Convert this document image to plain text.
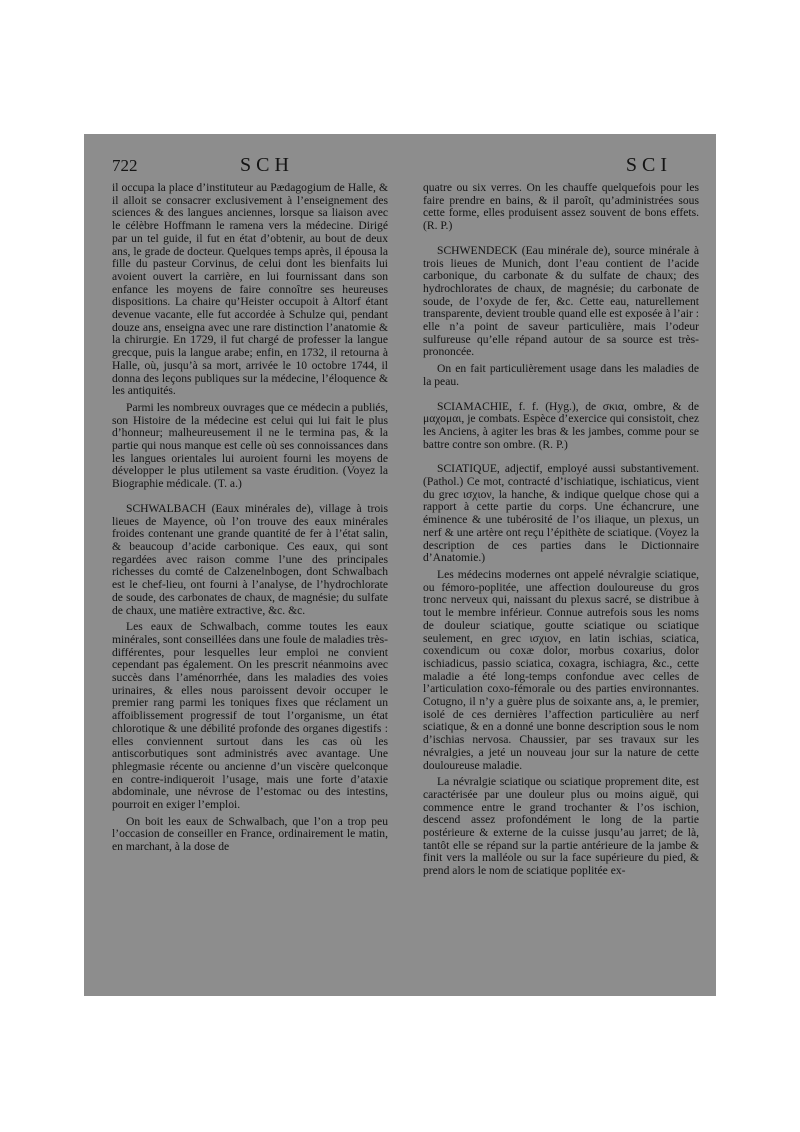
722	SCH	SCI

il occupa la place d’instituteur au Pædagogium de Halle, & il alloit se consacrer exclusivement à l’enseignement des sciences & des langues anciennes, lorsque sa liaison avec le célèbre Hoffmann le ramena vers la médecine. Dirigé par un tel guide, il fut en état d’obtenir, au bout de deux ans, le grade de docteur. Quelques temps après, il épousa la fille du pasteur Corvinus, de celui dont les bienfaits lui avoient ouvert la carrière, en lui fournissant dans son enfance les moyens de faire connoître ses heureuses dispositions. La chaire qu’Heister occupoit à Altorf étant devenue vacante, elle fut accordée à Schulze qui, pendant douze ans, enseigna avec une rare distinction l’anatomie & la chirurgie. En 1729, il fut chargé de professer la langue grecque, puis la langue arabe; enfin, en 1732, il retourna à Halle, où, jusqu’à sa mort, arrivée le 10 octobre 1744, il donna des leçons publiques sur la médecine, l’éloquence & les antiquités.

Parmi les nombreux ouvrages que ce médecin a publiés, son Histoire de la médecine est celui qui lui fait le plus d’honneur; malheureusement il ne le termina pas, & la partie qui nous manque est celle où ses connoissances dans les langues orientales lui auroient fourni les moyens de développer le plus utilement sa vaste érudition. (Voyez la Biographie médicale. (T. a.)

SCHWALBACH (Eaux minérales de), village à trois lieues de Mayence, où l’on trouve des eaux minérales froides contenant une grande quantité de fer à l’état salin, & beaucoup d’acide carbonique. Ces eaux, qui sont regardées avec raison comme l’une des principales richesses du comté de Calzenelnbogen, dont Schwalbach est le chef-lieu, ont fourni à l’analyse, de l’hydrochlorate de soude, des carbonates de chaux, de magnésie; du sulfate de chaux, une matière extractive, &c. &c.

Les eaux de Schwalbach, comme toutes les eaux minérales, sont conseillées dans une foule de maladies très-différentes, pour lesquelles leur emploi ne convient cependant pas également. On les prescrit néanmoins avec succès dans l’aménorrhée, dans les maladies des voies urinaires, & elles nous paroissent devoir occuper le premier rang parmi les toniques fixes que réclament un affoiblissement progressif de tout l’organisme, un état chlorotique & une débilité profonde des organes digestifs : elles conviennent surtout dans les cas où les antiscorbutiques sont administrés avec avantage. Une phlegmasie récente ou ancienne d’un viscère quelconque en contre-indiqueroit l’usage, mais une forte d’ataxie abdominale, une névrose de l’estomac ou des intestins, pourroit en exiger l’emploi.

On boit les eaux de Schwalbach, que l’on a trop peu l’occasion de conseiller en France, ordinairement le matin, en marchant, à la dose de

quatre ou six verres. On les chauffe quelquefois pour les faire prendre en bains, & il paroît, qu’administrées sous cette forme, elles produisent assez souvent de bons effets. (R. P.)

SCHWENDECK (Eau minérale de), source minérale à trois lieues de Munich, dont l’eau contient de l’acide carbonique, du carbonate & du sulfate de chaux; des hydrochlorates de chaux, de magnésie; du carbonate de soude, de l’oxyde de fer, &c. Cette eau, naturellement transparente, devient trouble quand elle est exposée à l’air : elle n’a point de saveur particulière, mais l’odeur sulfureuse qu’elle répand autour de sa source est très-prononcée.

On en fait particulièrement usage dans les maladies de la peau.

SCIAMACHIE, f. f. (Hyg.), de σκια, ombre, & de μαχομαι, je combats. Espèce d’exercice qui consistoit, chez les Anciens, à agiter les bras & les jambes, comme pour se battre contre son ombre. (R. P.)

SCIATIQUE, adjectif, employé aussi substantivement. (Pathol.) Ce mot, contracté d’ischiatique, ischiaticus, vient du grec ισχιον, la hanche, & indique quelque chose qui a rapport à cette partie du corps. Une échancrure, une éminence & une tubérosité de l’os iliaque, un plexus, un nerf & une artère ont reçu l’épithète de sciatique. (Voyez la description de ces parties dans le Dictionnaire d’Anatomie.)

Les médecins modernes ont appelé névralgie sciatique, ou fémoro-poplitée, une affection douloureuse du gros tronc nerveux qui, naissant du plexus sacré, se distribue à tout le membre inférieur. Connue autrefois sous les noms de douleur sciatique, goutte sciatique ou sciatique seulement, en grec ισχιον, en latin ischias, sciatica, coxendicum ou coxæ dolor, morbus coxarius, dolor ischiadicus, passio sciatica, coxagra, ischiagra, &c., cette maladie a été long-temps confondue avec celles de l’articulation coxo-fémorale ou des parties environnantes. Cotugno, il n’y a guère plus de soixante ans, a, le premier, isolé de ces dernières l’affection particulière au nerf sciatique, & en a donné une bonne description sous le nom d’ischias nervosa. Chaussier, par ses travaux sur les névralgies, a jeté un nouveau jour sur la nature de cette douloureuse maladie.

La névralgie sciatique ou sciatique proprement dite, est caractérisée par une douleur plus ou moins aiguë, qui commence entre le grand trochanter & l’os ischion, descend assez profondément le long de la partie postérieure & externe de la cuisse jusqu’au jarret; de là, tantôt elle se répand sur la partie antérieure de la jambe & finit vers la malléole ou sur la face supérieure du pied, & prend alors le nom de sciatique poplitée ex-
